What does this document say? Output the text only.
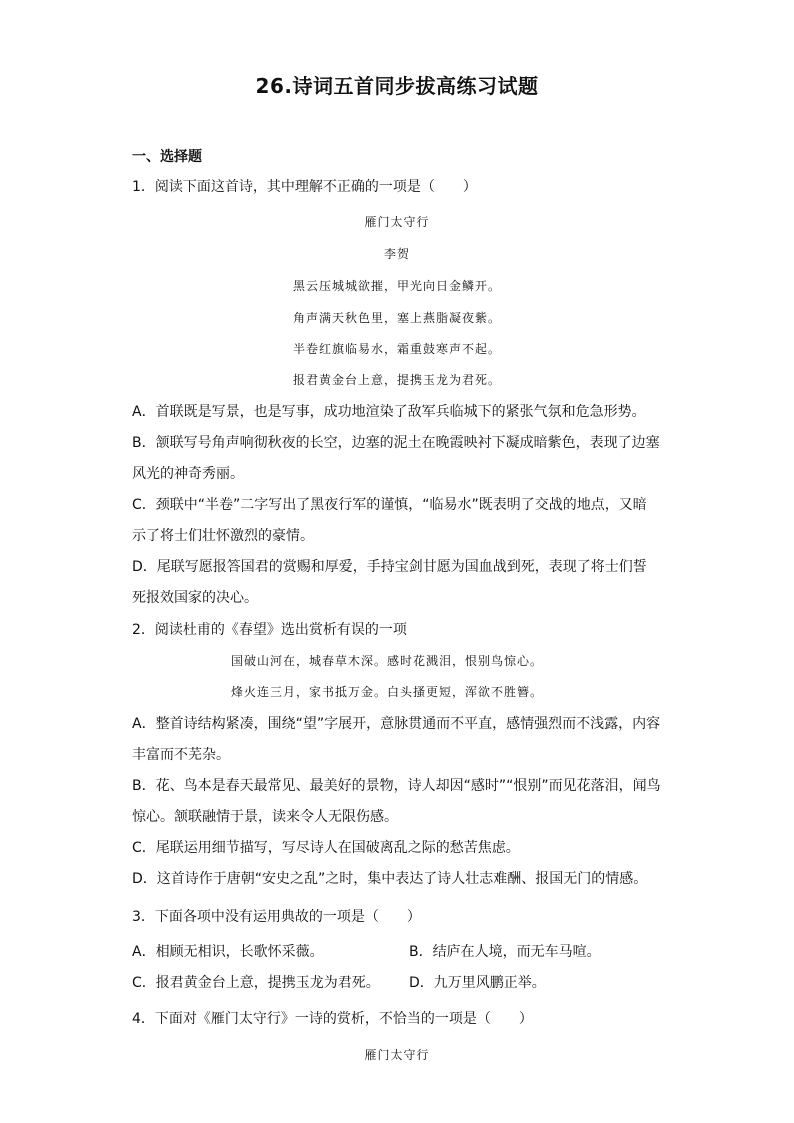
26.诗词五首同步拔高练习试题
一、选择题
1．阅读下面这首诗，其中理解不正确的一项是（　　）
雁门太守行
李贺
黑云压城城欲摧，甲光向日金鳞开。
角声满天秋色里，塞上燕脂凝夜紫。
半卷红旗临易水，霜重鼓寒声不起。
报君黄金台上意，提携玉龙为君死。
A．首联既是写景，也是写事，成功地渲染了敌军兵临城下的紧张气氛和危急形势。
B．颔联写号角声响彻秋夜的长空，边塞的泥土在晚霞映衬下凝成暗紫色，表现了边塞
风光的神奇秀丽。
C．颈联中“半卷”二字写出了黑夜行军的谨慎，“临易水”既表明了交战的地点，又暗
示了将士们壮怀激烈的豪情。
D．尾联写愿报答国君的赏赐和厚爱，手持宝剑甘愿为国血战到死，表现了将士们誓
死报效国家的决心。
2．阅读杜甫的《春望》选出赏析有误的一项
国破山河在，城春草木深。感时花溅泪，恨别鸟惊心。
烽火连三月，家书抵万金。白头搔更短，浑欲不胜簪。
A．整首诗结构紧凑，围绕“望”字展开，意脉贯通而不平直，感情强烈而不浅露，内容
丰富而不芜杂。
B．花、鸟本是春天最常见、最美好的景物，诗人却因“感时”“恨别”而见花落泪，闻鸟
惊心。颔联融情于景，读来令人无限伤感。
C．尾联运用细节描写，写尽诗人在国破离乱之际的愁苦焦虑。
D．这首诗作于唐朝“安史之乱”之时，集中表达了诗人壮志难酬、报国无门的情感。
3．下面各项中没有运用典故的一项是（　　）
A．相顾无相识，长歌怀采薇。	B．结庐在人境，而无车马喧。
C．报君黄金台上意，提携玉龙为君死。 D．九万里风鹏正举。
4．下面对《雁门太守行》一诗的赏析，不恰当的一项是（　　）
雁门太守行
